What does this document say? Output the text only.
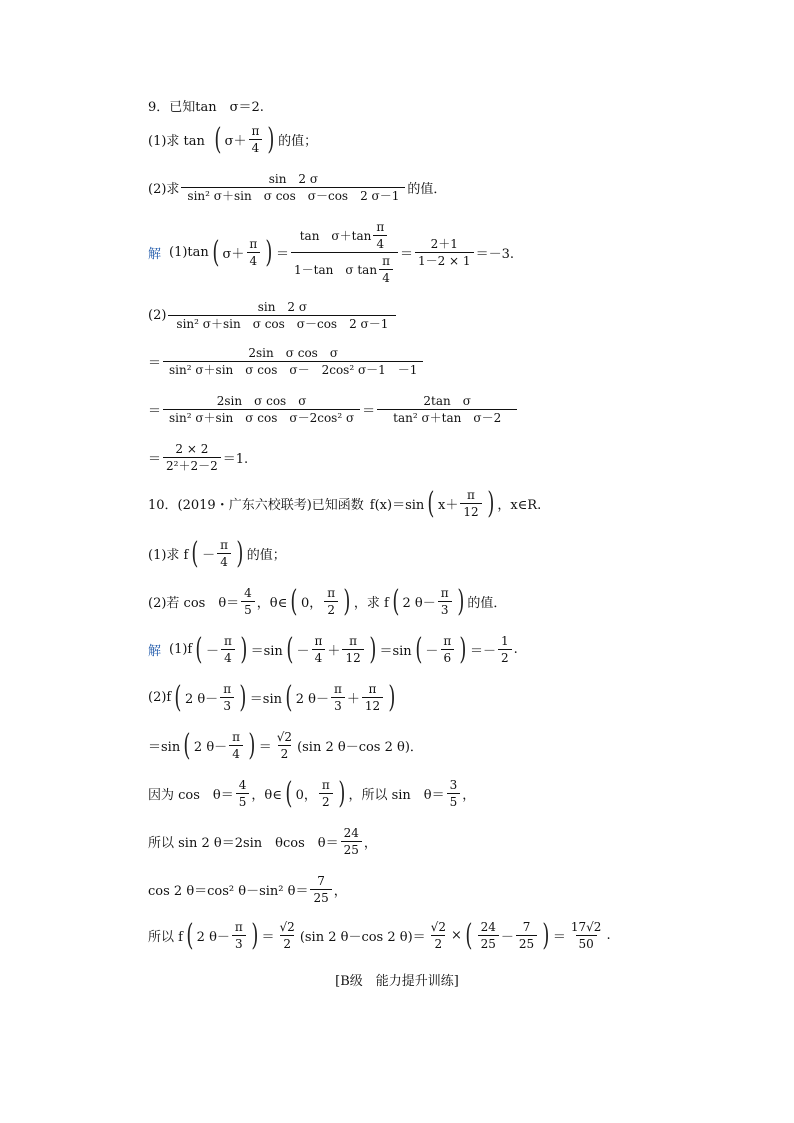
9．已知tan　σ＝2.
(1)求 tan ( $\sigma+ \frac{\pi}{4}$ ) 的值；
(2)求 $\frac{\sin 2 \sigma}{\text{sin² σ＋sin　σ cos　σ－cos　2 σ－1}}$ 的值．
解 (1)tan ( $\sigma+ \frac{\pi}{4}$ ) ＝ $\frac{\tan \sigma+\tan \frac{\pi}{4}}{1-\tan \sigma \tan \frac{\pi}{4}} = \frac{2+1}{1-2 \times 1} =-3$.
$(2) \frac{\sin 2 \sigma}{\text{sin² σ＋sin　σ cos　σ－cos　2 σ－1}}$
＝ $\frac{\text{2sin　σ cos　σ}}{\text{sin² σ＋sin　σ cos　σ－　2cos² σ－1　－1}}$
＝ $\frac{\text{2sin　σ cos　σ}}{\text{sin² σ＋sin　σ cos　σ－2cos² σ}} = \frac{\text{2tan　σ}}{\text{tan² σ＋tan　σ－2}}$
＝ $\frac{2 \times 2}{\text{2²＋2－2}} =1$.
10．(2019・广东六校联考)已知函数 f(x)＝sin ( $x+ \frac{\pi}{12}$ ) ，x∈R.
(1)求 f ( － $\frac{\pi}{4}$ ) 的值；
(2)若 cos　$\theta= \frac{4}{5}$ ，θ∈ ( 0， $\frac{\pi}{2}$ ) ，求 f ( 2 $\theta- \frac{\pi}{3}$ ) 的值．
解 (1)f ( － $\frac{\pi}{4}$ ) ＝sin ( － $\frac{\pi}{4} + \frac{\pi}{12}$ ) ＝sin ( － $\frac{\pi}{6}$ ) ＝－ $\frac{1}{2}$ .
(2)f ( 2 $\theta- \frac{\pi}{3}$ ) ＝sin ( 2 $\theta- \frac{\pi}{3} + \frac{\pi}{12}$ )
＝sin ( 2 $\theta- \frac{\pi}{4}$ ) ＝ $\frac{√2}{2} (\sin$ 2 θ－cos 2 θ)．
因为 cos　$\theta= \frac{4}{5}$ ，θ∈ ( 0， $\frac{\pi}{2}$ ) ，所以 sin　$\theta= \frac{3}{5}$ ，
所以 sin 2 θ＝2sin　θcos　$\theta= \frac{24}{25}$ ，
cos 2 θ＝cos² θ－sin² $\theta= \frac{7}{25}$ ，
所以 f ( 2 $\theta- \frac{\pi}{3}$ ) ＝ $\frac{√2}{2} (\sin$ 2 θ－cos 2 $\theta)= \frac{√2}{2}$ × ( $\frac{24}{25} - \frac{7}{25}$ ) ＝ $\frac{17√2}{50}$ .
[B级　能力提升训练]
